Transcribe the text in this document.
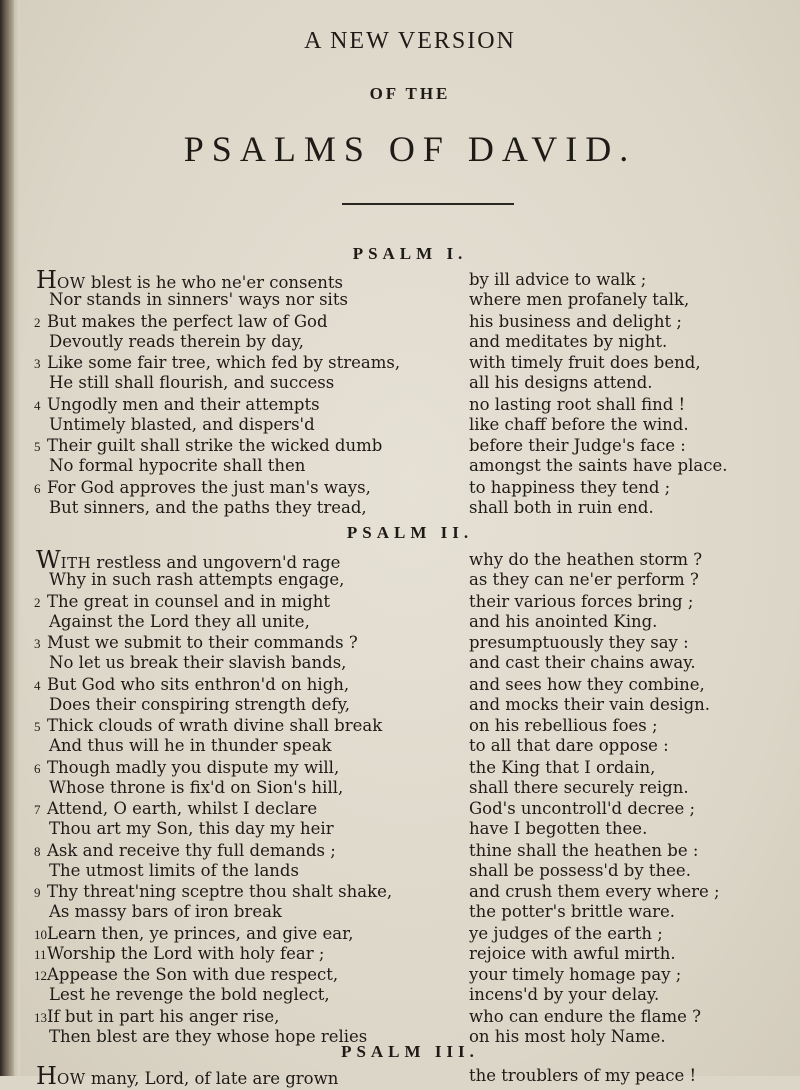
A NEW VERSION
OF THE
PSALMS OF DAVID.
PSALM I.
PSALM II.
PSALM III.
HOW blest is he who ne'er consents	by ill advice to walk ;
Nor stands in sinners' ways nor sits	where men profanely talk,
2 But makes the perfect law of God	his business and delight ;
Devoutly reads therein by day,	and meditates by night.
3 Like some fair tree, which fed by streams,	with timely fruit does bend,
He still shall flourish, and success	all his designs attend.
4 Ungodly men and their attempts	no lasting root shall find !
Untimely blasted, and dispers'd	like chaff before the wind.
5 Their guilt shall strike the wicked dumb	before their Judge's face :
No formal hypocrite shall then	amongst the saints have place.
6 For God approves the just man's ways,	to happiness they tend ;
But sinners, and the paths they tread,	shall both in ruin end.
WITH restless and ungovern'd rage	why do the heathen storm ?
Why in such rash attempts engage,	as they can ne'er perform ?
2 The great in counsel and in might	their various forces bring ;
Against the Lord they all unite,	and his anointed King.
3 Must we submit to their commands ?	presumptuously they say :
No let us break their slavish bands,	and cast their chains away.
4 But God who sits enthron'd on high,	and sees how they combine,
Does their conspiring strength defy,	and mocks their vain design.
5 Thick clouds of wrath divine shall break	on his rebellious foes ;
And thus will he in thunder speak	to all that dare oppose :
6 Though madly you dispute my will,	the King that I ordain,
Whose throne is fix'd on Sion's hill,	shall there securely reign.
7 Attend, O earth, whilst I declare	God's uncontroll'd decree ;
Thou art my Son, this day my heir	have I begotten thee.
8 Ask and receive thy full demands ;	thine shall the heathen be :
The utmost limits of the lands	shall be possess'd by thee.
9 Thy threat'ning sceptre thou shalt shake,	and crush them every where ;
As massy bars of iron break	the potter's brittle ware.
10Learn then, ye princes, and give ear,	ye judges of the earth ;
11Worship the Lord with holy fear ;	rejoice with awful mirth.
12Appease the Son with due respect,	your timely homage pay ;
Lest he revenge the bold neglect,	incens'd by your delay.
13If but in part his anger rise,	who can endure the flame ?
Then blest are they whose hope relies	on his most holy Name.
HOW many, Lord, of late are grown	the troublers of my peace !
